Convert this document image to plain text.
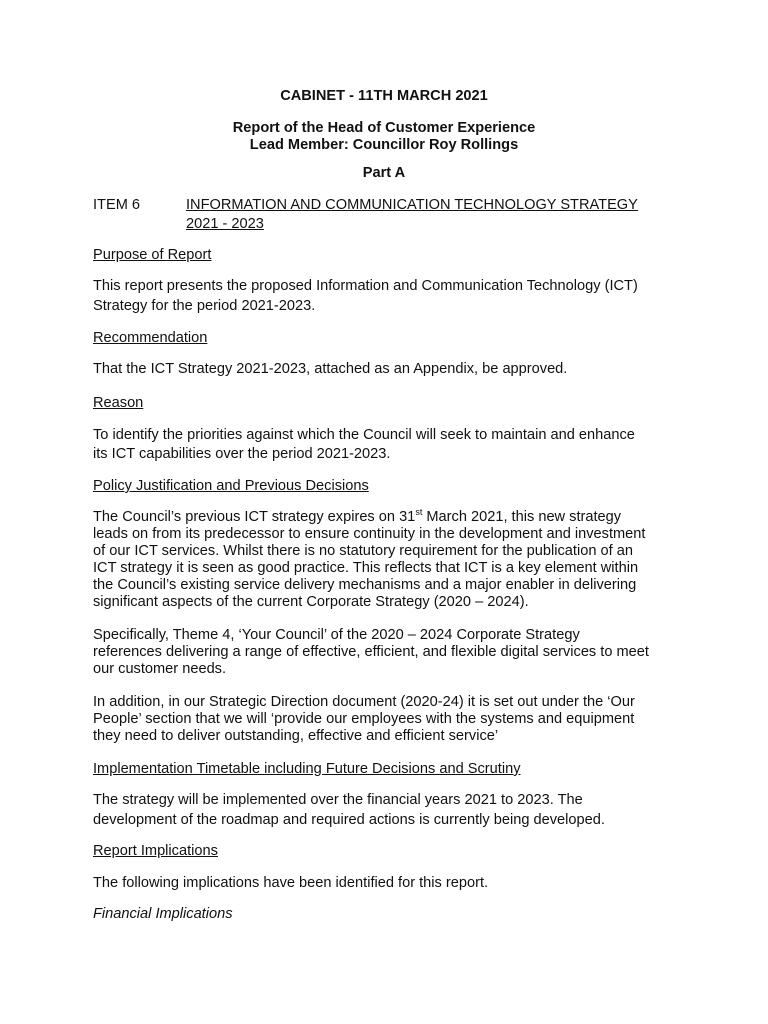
CABINET - 11TH MARCH 2021
Report of the Head of Customer Experience
Lead Member: Councillor Roy Rollings
Part A
ITEM 6	INFORMATION AND COMMUNICATION TECHNOLOGY STRATEGY
2021 - 2023
Purpose of Report
This report presents the proposed Information and Communication Technology (ICT)
Strategy for the period 2021-2023.
Recommendation
That the ICT Strategy 2021-2023, attached as an Appendix, be approved.
Reason
To identify the priorities against which the Council will seek to maintain and enhance
its ICT capabilities over the period 2021-2023.
Policy Justification and Previous Decisions
The Council’s previous ICT strategy expires on 31st March 2021, this new strategy
leads on from its predecessor to ensure continuity in the development and investment
of our ICT services. Whilst there is no statutory requirement for the publication of an
ICT strategy it is seen as good practice. This reflects that ICT is a key element within
the Council’s existing service delivery mechanisms and a major enabler in delivering
significant aspects of the current Corporate Strategy (2020 – 2024).
Specifically, Theme 4, ‘Your Council’ of the 2020 – 2024 Corporate Strategy
references delivering a range of effective, efficient, and flexible digital services to meet
our customer needs.
In addition, in our Strategic Direction document (2020-24) it is set out under the ‘Our
People’ section that we will ‘provide our employees with the systems and equipment
they need to deliver outstanding, effective and efficient service’
Implementation Timetable including Future Decisions and Scrutiny
The strategy will be implemented over the financial years 2021 to 2023. The
development of the roadmap and required actions is currently being developed.
Report Implications
The following implications have been identified for this report.
Financial Implications
